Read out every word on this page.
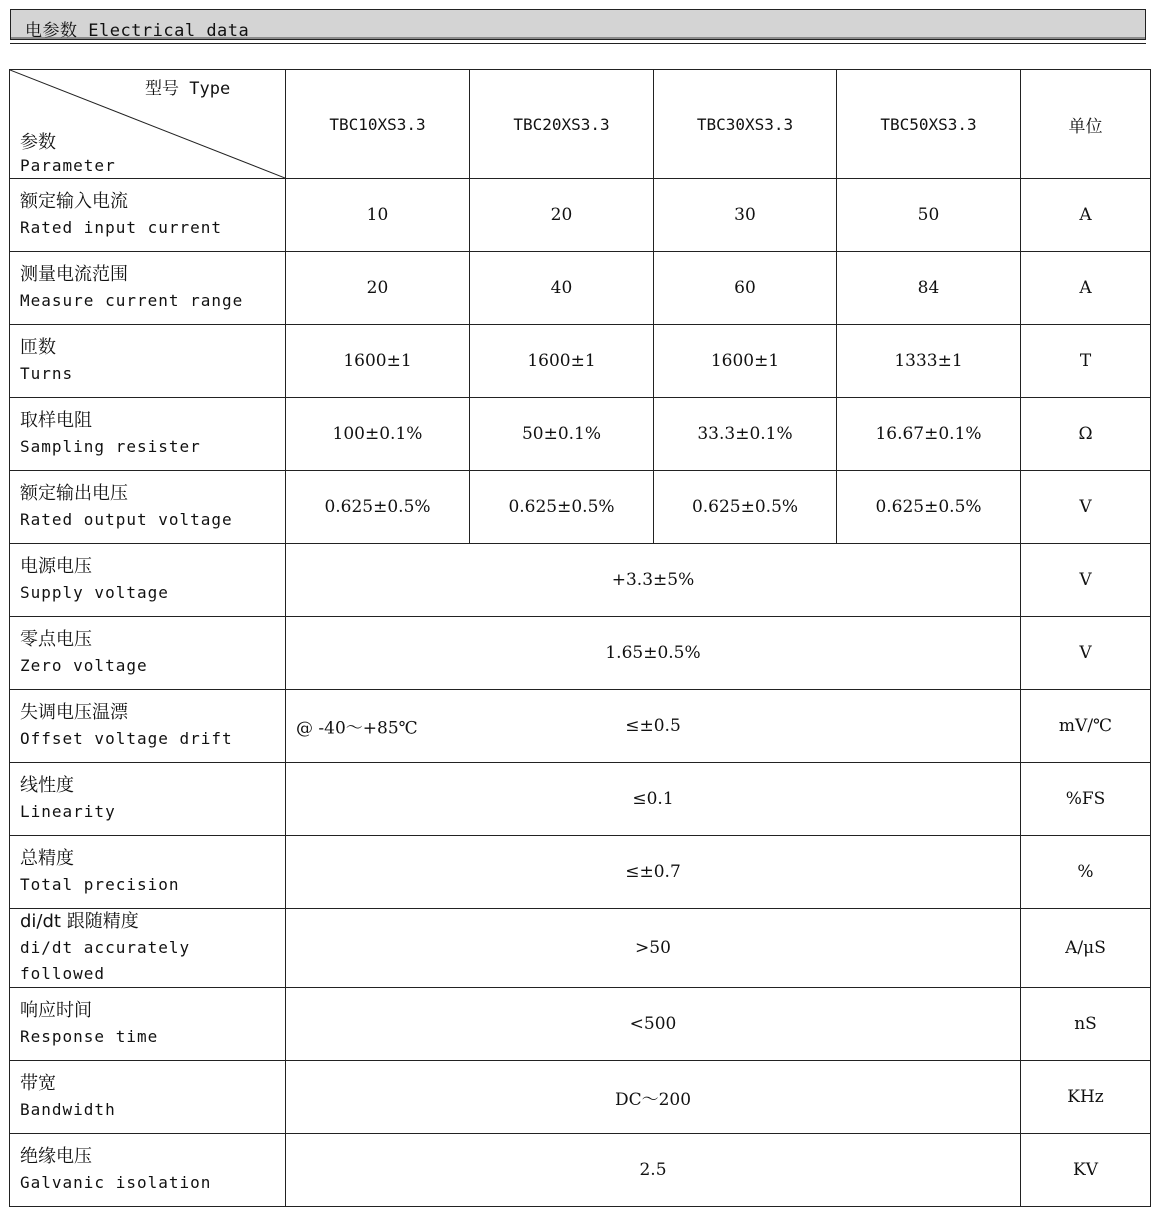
电参数 Electrical data
型号 Type
参数
Parameter	TBC10XS3.3	TBC20XS3.3	TBC30XS3.3	TBC50XS3.3	单位

额定输入电流
Rated input current	10	20	30	50	A

测量电流范围
Measure current range	20	40	60	84	A

匝数
Turns	1600±1	1600±1	1600±1	1333±1	T

取样电阻
Sampling resister	100±0.1%	50±0.1%	33.3±0.1%	16.67±0.1%	Ω

额定输出电压
Rated output voltage	0.625±0.5%	0.625±0.5%	0.625±0.5%	0.625±0.5%	V

电源电压
Supply voltage	+3.3±5%				V

零点电压
Zero voltage	1.65±0.5%				V

失调电压温漂
Offset voltage drift	@ -40～+85℃ ≤±0.5				mV/℃

线性度
Linearity	≤0.1				%FS

总精度
Total precision	≤±0.7				%

di/dt 跟随精度
di/dt accurately followed	>50				A/μS

响应时间
Response time	<500				nS

带宽
Bandwidth	DC～200				KHz

绝缘电压
Galvanic isolation	2.5				KV
